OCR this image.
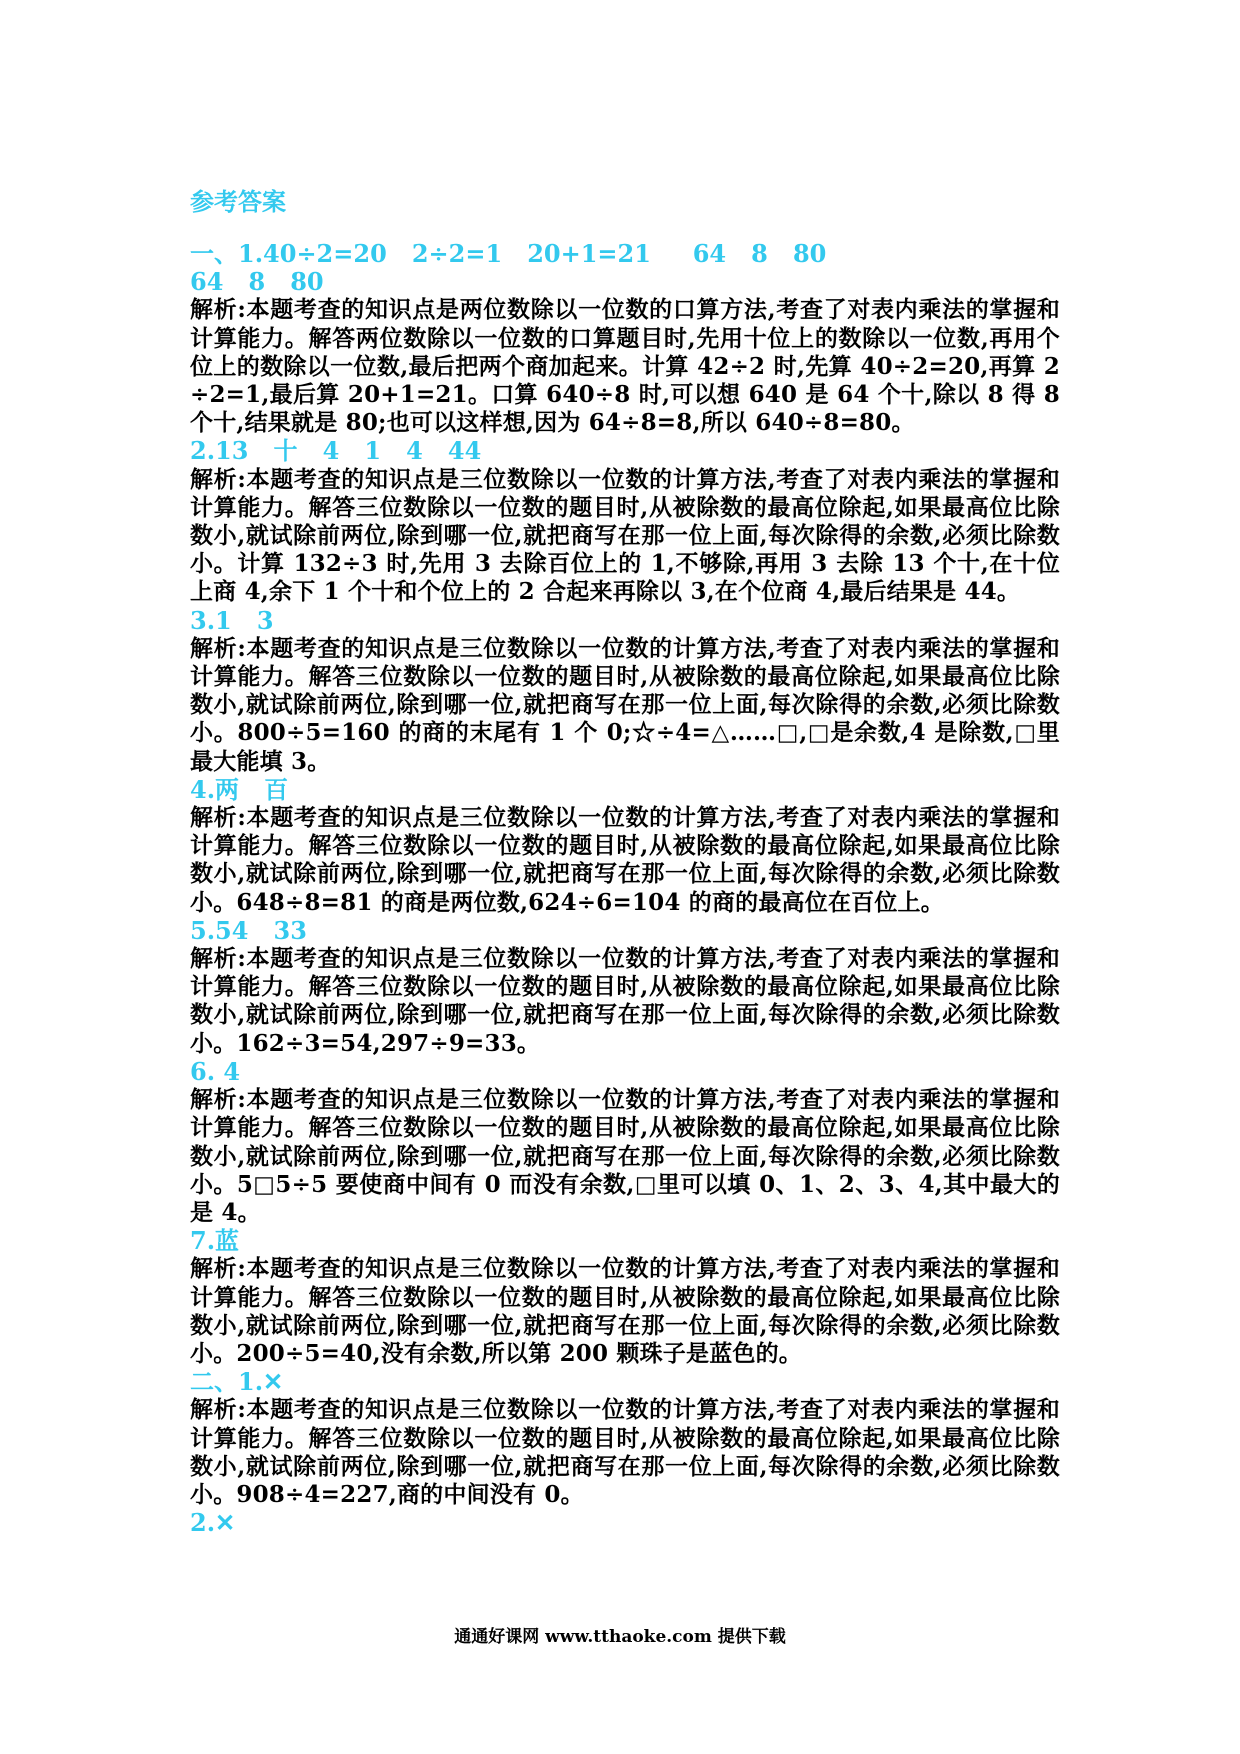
参考答案
一、1.40÷2=20   2÷2=1   20+1=21     64   8   80
64   8   80
解析:本题考查的知识点是两位数除以一位数的口算方法,考查了对表内乘法的掌握和计算能力。解答两位数除以一位数的口算题目时,先用十位上的数除以一位数,再用个位上的数除以一位数,最后把两个商加起来。计算 42÷2 时,先算 40÷2=20,再算 2÷2=1,最后算 20+1=21。口算 640÷8 时,可以想 640 是 64 个十,除以 8 得 8 个十,结果就是 80;也可以这样想,因为 64÷8=8,所以 640÷8=80。
2.13   十   4   1   4   44
解析:本题考查的知识点是三位数除以一位数的计算方法,考查了对表内乘法的掌握和计算能力。解答三位数除以一位数的题目时,从被除数的最高位除起,如果最高位比除数小,就试除前两位,除到哪一位,就把商写在那一位上面,每次除得的余数,必须比除数小。计算 132÷3 时,先用 3 去除百位上的 1,不够除,再用 3 去除 13 个十,在十位上商 4,余下 1 个十和个位上的 2 合起来再除以 3,在个位商 4,最后结果是 44。
3.1   3
解析:本题考查的知识点是三位数除以一位数的计算方法,考查了对表内乘法的掌握和计算能力。解答三位数除以一位数的题目时,从被除数的最高位除起,如果最高位比除数小,就试除前两位,除到哪一位,就把商写在那一位上面,每次除得的余数,必须比除数小。800÷5=160 的商的末尾有 1 个 0;☆÷4=△……□,□是余数,4 是除数,□里最大能填 3。
4.两   百
解析:本题考查的知识点是三位数除以一位数的计算方法,考查了对表内乘法的掌握和计算能力。解答三位数除以一位数的题目时,从被除数的最高位除起,如果最高位比除数小,就试除前两位,除到哪一位,就把商写在那一位上面,每次除得的余数,必须比除数小。648÷8=81 的商是两位数,624÷6=104 的商的最高位在百位上。
5.54   33
解析:本题考查的知识点是三位数除以一位数的计算方法,考查了对表内乘法的掌握和计算能力。解答三位数除以一位数的题目时,从被除数的最高位除起,如果最高位比除数小,就试除前两位,除到哪一位,就把商写在那一位上面,每次除得的余数,必须比除数小。162÷3=54,297÷9=33。
6. 4
解析:本题考查的知识点是三位数除以一位数的计算方法,考查了对表内乘法的掌握和计算能力。解答三位数除以一位数的题目时,从被除数的最高位除起,如果最高位比除数小,就试除前两位,除到哪一位,就把商写在那一位上面,每次除得的余数,必须比除数小。5□5÷5 要使商中间有 0 而没有余数,□里可以填 0、1、2、3、4,其中最大的是 4。
7.蓝
解析:本题考查的知识点是三位数除以一位数的计算方法,考查了对表内乘法的掌握和计算能力。解答三位数除以一位数的题目时,从被除数的最高位除起,如果最高位比除数小,就试除前两位,除到哪一位,就把商写在那一位上面,每次除得的余数,必须比除数小。200÷5=40,没有余数,所以第 200 颗珠子是蓝色的。
二、1.✕
解析:本题考查的知识点是三位数除以一位数的计算方法,考查了对表内乘法的掌握和计算能力。解答三位数除以一位数的题目时,从被除数的最高位除起,如果最高位比除数小,就试除前两位,除到哪一位,就把商写在那一位上面,每次除得的余数,必须比除数小。908÷4=227,商的中间没有 0。
2.✕
通通好课网 www.tthaoke.com 提供下载
